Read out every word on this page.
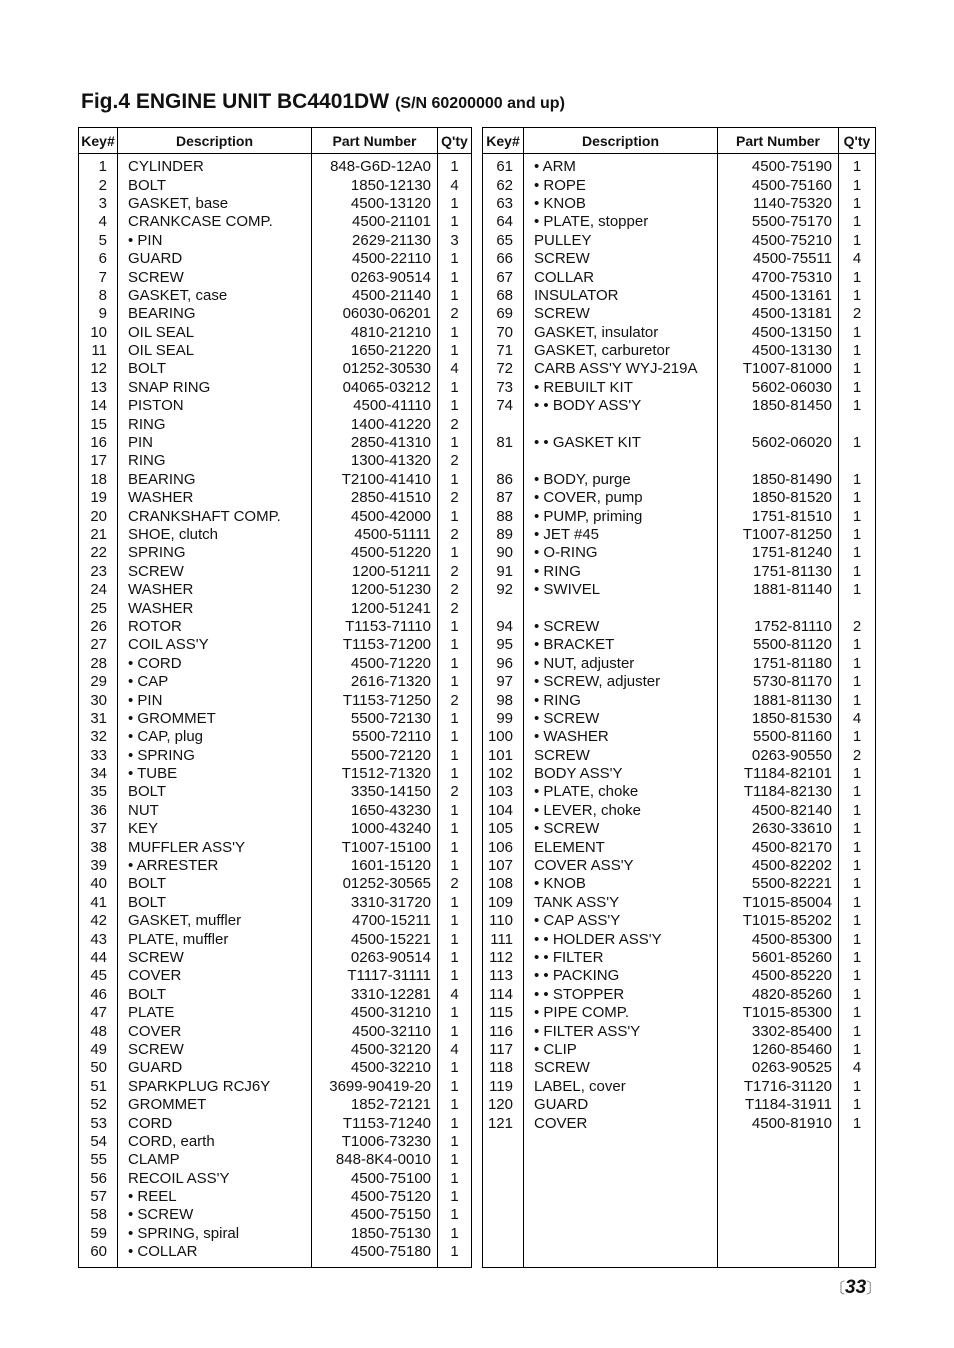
Fig.4 ENGINE UNIT BC4401DW (S/N 60200000 and up)
Key#	Description	Part Number	Q'ty
1	CYLINDER	848-G6D-12A0	1
2	BOLT	1850-12130	4
3	GASKET, base	4500-13120	1
4	CRANKCASE COMP.	4500-21101	1
5	• PIN	2629-21130	3
6	GUARD	4500-22110	1
7	SCREW	0263-90514	1
8	GASKET, case	4500-21140	1
9	BEARING	06030-06201	2
10	OIL SEAL	4810-21210	1
11	OIL SEAL	1650-21220	1
12	BOLT	01252-30530	4
13	SNAP RING	04065-03212	1
14	PISTON	4500-41110	1
15	RING	1400-41220	2
16	PIN	2850-41310	1
17	RING	1300-41320	2
18	BEARING	T2100-41410	1
19	WASHER	2850-41510	2
20	CRANKSHAFT COMP.	4500-42000	1
21	SHOE, clutch	4500-51111	2
22	SPRING	4500-51220	1
23	SCREW	1200-51211	2
24	WASHER	1200-51230	2
25	WASHER	1200-51241	2
26	ROTOR	T1153-71110	1
27	COIL ASS'Y	T1153-71200	1
28	• CORD	4500-71220	1
29	• CAP	2616-71320	1
30	• PIN	T1153-71250	2
31	• GROMMET	5500-72130	1
32	• CAP, plug	5500-72110	1
33	• SPRING	5500-72120	1
34	• TUBE	T1512-71320	1
35	BOLT	3350-14150	2
36	NUT	1650-43230	1
37	KEY	1000-43240	1
38	MUFFLER ASS'Y	T1007-15100	1
39	• ARRESTER	1601-15120	1
40	BOLT	01252-30565	2
41	BOLT	3310-31720	1
42	GASKET, muffler	4700-15211	1
43	PLATE, muffler	4500-15221	1
44	SCREW	0263-90514	1
45	COVER	T1117-31111	1
46	BOLT	3310-12281	4
47	PLATE	4500-31210	1
48	COVER	4500-32110	1
49	SCREW	4500-32120	4
50	GUARD	4500-32210	1
51	SPARKPLUG RCJ6Y	3699-90419-20	1
52	GROMMET	1852-72121	1
53	CORD	T1153-71240	1
54	CORD, earth	T1006-73230	1
55	CLAMP	848-8K4-0010	1
56	RECOIL ASS'Y	4500-75100	1
57	• REEL	4500-75120	1
58	• SCREW	4500-75150	1
59	• SPRING, spiral	1850-75130	1
60	• COLLAR	4500-75180	1

Key#	Description	Part Number	Q'ty
61	• ARM	4500-75190	1
62	• ROPE	4500-75160	1
63	• KNOB	1140-75320	1
64	• PLATE, stopper	5500-75170	1
65	PULLEY	4500-75210	1
66	SCREW	4500-75511	4
67	COLLAR	4700-75310	1
68	INSULATOR	4500-13161	1
69	SCREW	4500-13181	2
70	GASKET, insulator	4500-13150	1
71	GASKET, carburetor	4500-13130	1
72	CARB ASS'Y WYJ-219A	T1007-81000	1
73	• REBUILT KIT	5602-06030	1
74	• • BODY ASS'Y	1850-81450	1

81	• • GASKET KIT	5602-06020	1

86	• BODY, purge	1850-81490	1
87	• COVER, pump	1850-81520	1
88	• PUMP, priming	1751-81510	1
89	• JET #45	T1007-81250	1
90	• O-RING	1751-81240	1
91	• RING	1751-81130	1
92	• SWIVEL	1881-81140	1

94	• SCREW	1752-81110	2
95	• BRACKET	5500-81120	1
96	• NUT, adjuster	1751-81180	1
97	• SCREW, adjuster	5730-81170	1
98	• RING	1881-81130	1
99	• SCREW	1850-81530	4
100	• WASHER	5500-81160	1
101	SCREW	0263-90550	2
102	BODY ASS'Y	T1184-82101	1
103	• PLATE, choke	T1184-82130	1
104	• LEVER, choke	4500-82140	1
105	• SCREW	2630-33610	1
106	ELEMENT	4500-82170	1
107	COVER ASS'Y	4500-82202	1
108	• KNOB	5500-82221	1
109	TANK ASS'Y	T1015-85004	1
110	• CAP ASS'Y	T1015-85202	1
111	• • HOLDER ASS'Y	4500-85300	1
112	• • FILTER	5601-85260	1
113	• • PACKING	4500-85220	1
114	• • STOPPER	4820-85260	1
115	• PIPE COMP.	T1015-85300	1
116	• FILTER ASS'Y	3302-85400	1
117	• CLIP	1260-85460	1
118	SCREW	0263-90525	4
119	LABEL, cover	T1716-31120	1
120	GUARD	T1184-31911	1
121	COVER	4500-81910	1

〔33〕
